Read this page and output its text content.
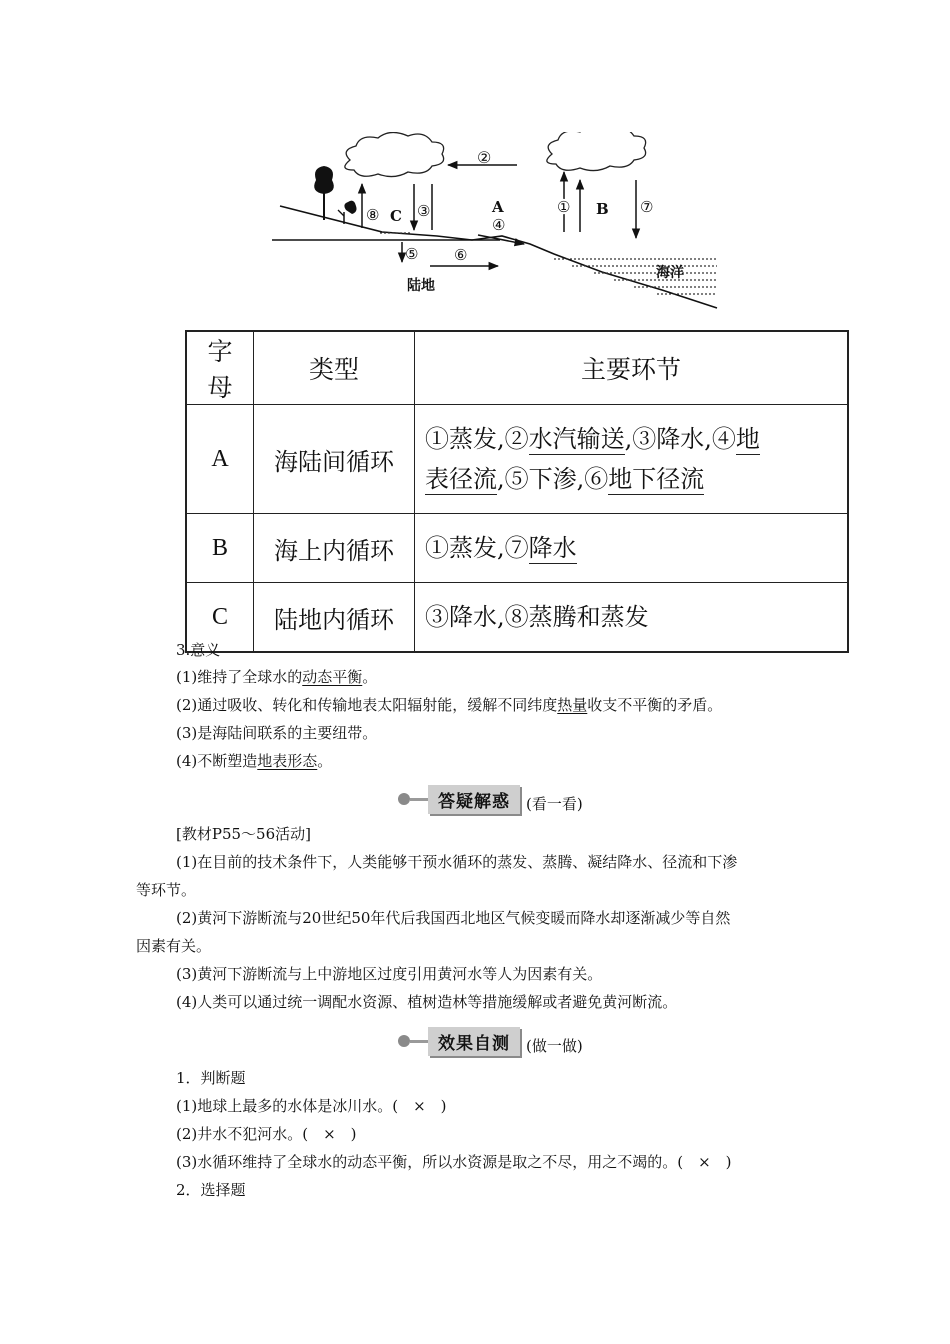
②
⑧ C ③	A
④
⑤ ⑥
陆地
① B ⑦
海洋
字母	类型	主要环节
A	海陆间循环	①蒸发,②水汽输送,③降水,④地
表径流,⑤下渗,⑥地下径流
B	海上内循环	①蒸发,⑦降水
C	陆地内循环	③降水,⑧蒸腾和蒸发
3.意义
(1)维持了全球水的动态平衡。
(2)通过吸收、转化和传输地表太阳辐射能，缓解不同纬度热量收支不平衡的矛盾。
(3)是海陆间联系的主要纽带。
(4)不断塑造地表形态。
答疑解惑	(看一看)
[教材P55～56活动]
(1)在目前的技术条件下，人类能够干预水循环的蒸发、蒸腾、凝结降水、径流和下渗
等环节。
(2)黄河下游断流与20世纪50年代后我国西北地区气候变暖而降水却逐渐减少等自然
因素有关。
(3)黄河下游断流与上中游地区过度引用黄河水等人为因素有关。
(4)人类可以通过统一调配水资源、植树造林等措施缓解或者避免黄河断流。
效果自测	(做一做)
1．判断题
(1)地球上最多的水体是冰川水。(　×　)
(2)井水不犯河水。(　×　)
(3)水循环维持了全球水的动态平衡，所以水资源是取之不尽，用之不竭的。(　×　)
2．选择题
